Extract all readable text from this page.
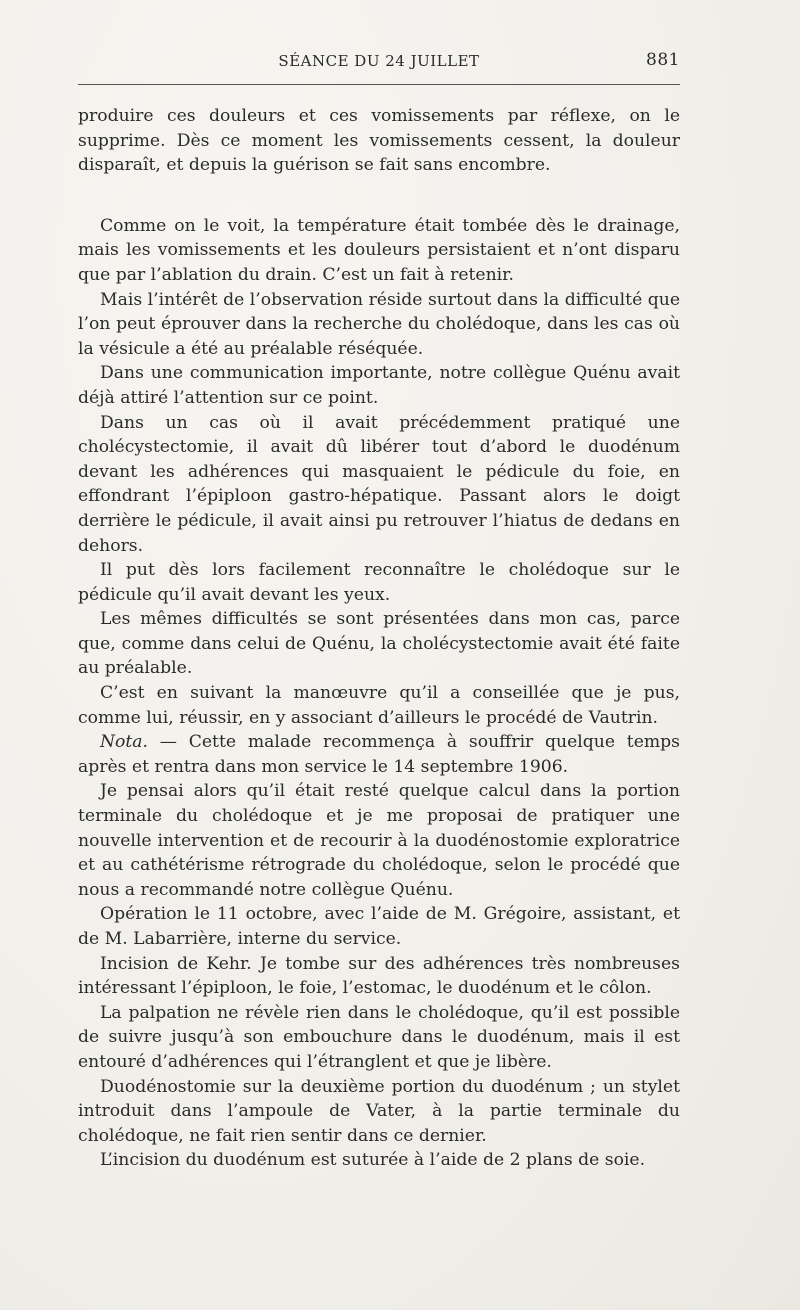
SÉANCE DU 24 JUILLET	881

produire ces douleurs et ces vomissements par réflexe, on le supprime. Dès ce moment les vomissements cessent, la douleur disparaît, et depuis la guérison se fait sans encombre.

Comme on le voit, la température était tombée dès le drainage, mais les vomissements et les douleurs persistaient et n’ont disparu que par l’ablation du drain. C’est un fait à retenir.

Mais l’intérêt de l’observation réside surtout dans la difficulté que l’on peut éprouver dans la recherche du cholédoque, dans les cas où la vésicule a été au préalable réséquée.

Dans une communication importante, notre collègue Quénu avait déjà attiré l’attention sur ce point.

Dans un cas où il avait précédemment pratiqué une cholécystectomie, il avait dû libérer tout d’abord le duodénum devant les adhérences qui masquaient le pédicule du foie, en effondrant l’épiploon gastro-hépatique. Passant alors le doigt derrière le pédicule, il avait ainsi pu retrouver l’hiatus de dedans en dehors.

Il put dès lors facilement reconnaître le cholédoque sur le pédicule qu’il avait devant les yeux.

Les mêmes difficultés se sont présentées dans mon cas, parce que, comme dans celui de Quénu, la cholécystectomie avait été faite au préalable.

C’est en suivant la manœuvre qu’il a conseillée que je pus, comme lui, réussir, en y associant d’ailleurs le procédé de Vautrin.

Nota. — Cette malade recommença à souffrir quelque temps après et rentra dans mon service le 14 septembre 1906.

Je pensai alors qu’il était resté quelque calcul dans la portion terminale du cholédoque et je me proposai de pratiquer une nouvelle intervention et de recourir à la duodénostomie exploratrice et au cathétérisme rétrograde du cholédoque, selon le procédé que nous a recommandé notre collègue Quénu.

Opération le 11 octobre, avec l’aide de M. Grégoire, assistant, et de M. Labarrière, interne du service.

Incision de Kehr. Je tombe sur des adhérences très nombreuses intéressant l’épiploon, le foie, l’estomac, le duodénum et le côlon.

La palpation ne révèle rien dans le cholédoque, qu’il est possible de suivre jusqu’à son embouchure dans le duodénum, mais il est entouré d’adhérences qui l’étranglent et que je libère.

Duodénostomie sur la deuxième portion du duodénum ; un stylet introduit dans l’ampoule de Vater, à la partie terminale du cholédoque, ne fait rien sentir dans ce dernier.

L’incision du duodénum est suturée à l’aide de 2 plans de soie.
